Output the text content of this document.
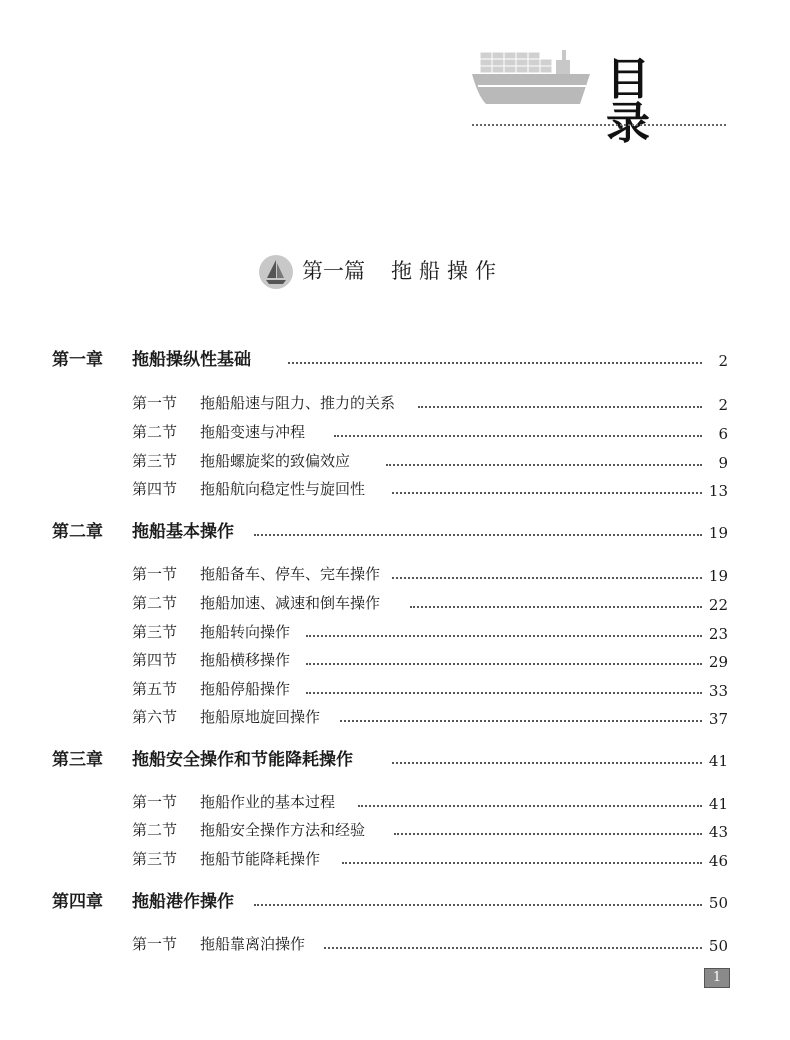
目 录
第一篇 拖船操作
第一章 拖船操纵性基础	2
第一节 拖船船速与阻力、推力的关系	2
第二节 拖船变速与冲程	6
第三节 拖船螺旋桨的致偏效应	9
第四节 拖船航向稳定性与旋回性	13
第二章 拖船基本操作	19
第一节 拖船备车、停车、完车操作	19
第二节 拖船加速、减速和倒车操作	22
第三节 拖船转向操作	23
第四节 拖船横移操作	29
第五节 拖船停船操作	33
第六节 拖船原地旋回操作	37
第三章 拖船安全操作和节能降耗操作	41
第一节 拖船作业的基本过程	41
第二节 拖船安全操作方法和经验	43
第三节 拖船节能降耗操作	46
第四章 拖船港作操作	50
第一节 拖船靠离泊操作	50
1
